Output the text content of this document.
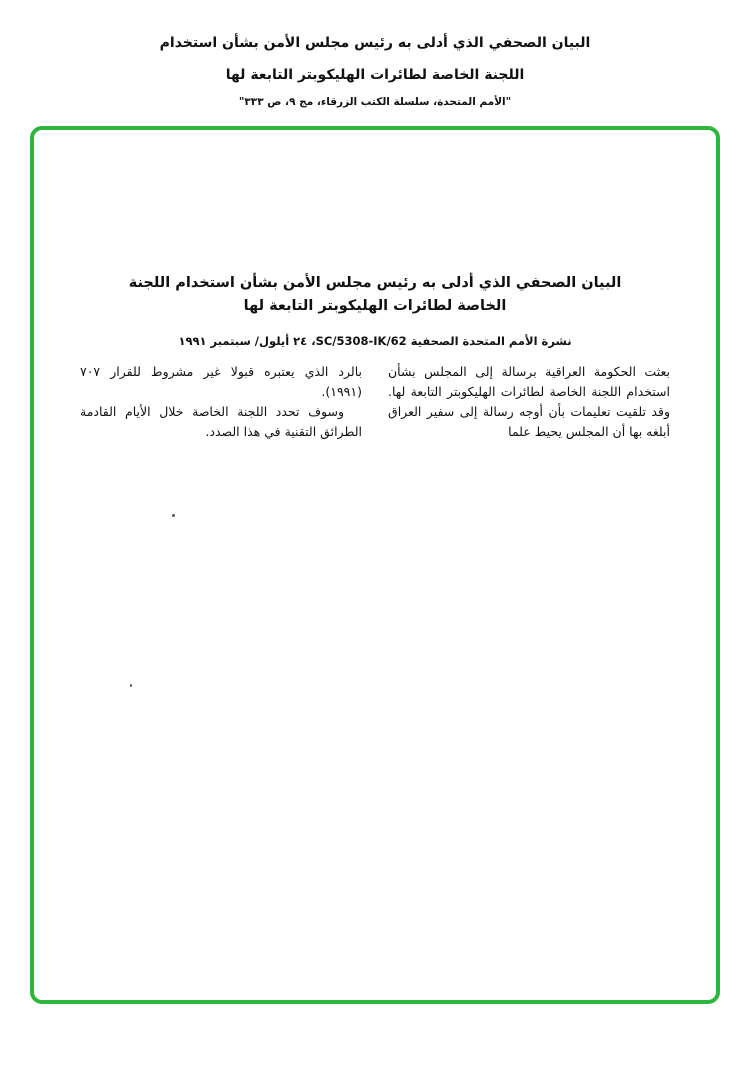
البيان الصحفي الذي أدلى به رئيس مجلس الأمن بشأن استخدام
اللجنة الخاصة لطائرات الهليكوبتر التابعة لها
"الأمم المتحدة، سلسلة الكتب الزرقاء، مج ٩، ص ٣٣٣"
البيان الصحفي الذي أدلى به رئيس مجلس الأمن بشأن استخدام اللجنة
الخاصة لطائرات الهليكوبتر التابعة لها
نشرة الأمم المتحدة الصحفية SC/5308-IK/62، ٢٤ أيلول/ سبتمبر ١٩٩١

بعثت الحكومة العراقية برسالة إلى المجلس بشأن استخدام اللجنة الخاصة لطائرات الهليكوبتر التابعة لها. وقد تلقيت تعليمات بأن أوجه رسالة إلى سفير العراق أبلغه بها أن المجلس يحيط علما

بالرد الذي يعتبره قبولا غير مشروط للقرار ٧٠٧ (١٩٩١).

وسوف تحدد اللجنة الخاصة خلال الأيام القادمة الطرائق التقنية في هذا الصدد.
